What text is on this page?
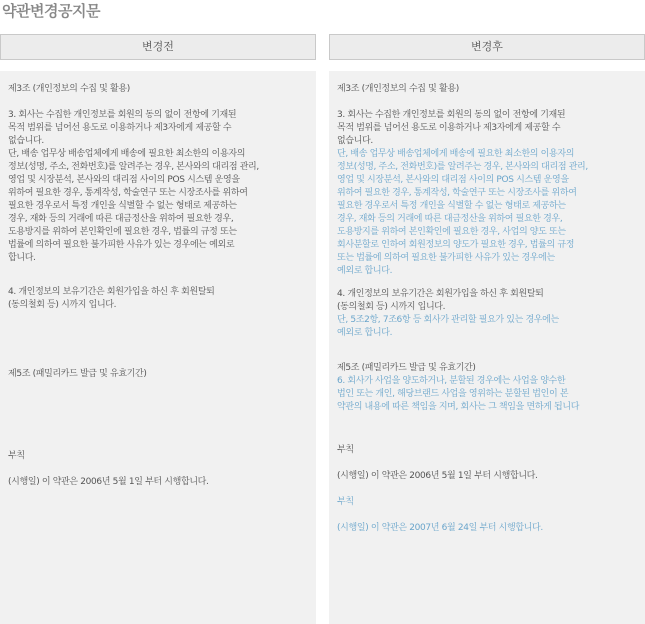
약관변경공지문
변경전
제3조 (개인정보의 수집 및 활용)
3. 회사는 수집한 개인정보를 회원의 동의 없이 전항에 기재된
목적 범위를 넘어선 용도로 이용하거나 제3자에게 제공할 수
없습니다.
단, 배송 업무상 배송업체에게 배송에 필요한 최소한의 이용자의
정보(성명, 주소, 전화번호)를 알려주는 경우, 본사와의 대리점 관리,
영업 및 시장분석, 본사와의 대리점 사이의 POS 시스템 운영을
위하여 필요한 경우, 통계작성, 학술연구 또는 시장조사를 위하여
필요한 경우로서 특정 개인을 식별할 수 없는 형태로 제공하는
경우, 재화 등의 거래에 따른 대금정산을 위하여 필요한 경우,
도용방지를 위하여 본인확인에 필요한 경우, 법률의 규정 또는
법률에 의하여 필요한 불가피한 사유가 있는 경우에는 예외로
합니다.
4. 개인정보의 보유기간은 회원가입을 하신 후 회원탈퇴
(동의철회 등) 시까지 입니다.
제5조 (패밀리카드 발급 및 유효기간)
부칙
(시행일) 이 약관은 2006년 5월 1일 부터 시행합니다.
변경후
제3조 (개인정보의 수집 및 활용)
3. 회사는 수집한 개인정보를 회원의 동의 없이 전항에 기재된
목적 범위를 넘어선 용도로 이용하거나 제3자에게 제공할 수
없습니다.
단, 배송 업무상 배송업체에게 배송에 필요한 최소한의 이용자의
정보(성명, 주소, 전화번호)를 알려주는 경우, 본사와의 대리점 관리,
영업 및 시장분석, 본사와의 대리점 사이의 POS 시스템 운영을
위하여 필요한 경우, 통계작성, 학술연구 또는 시장조사를 위하여
필요한 경우로서 특정 개인을 식별할 수 없는 형태로 제공하는
경우, 재화 등의 거래에 따른 대금정산을 위하여 필요한 경우,
도용방지를 위하여 본인확인에 필요한 경우, 사업의 양도 또는
회사분할로 인하여 회원정보의 양도가 필요한 경우, 법률의 규정
또는 법률에 의하여 필요한 불가피한 사유가 있는 경우에는
예외로 합니다.
4. 개인정보의 보유기간은 회원가입을 하신 후 회원탈퇴
(동의철회 등) 시까지 입니다.
단, 5조2항, 7조6항 등 회사가 관리할 필요가 있는 경우에는
예외로 합니다.
제5조 (패밀리카드 발급 및 유효기간)
6. 회사가 사업을 양도하거나, 분할된 경우에는 사업을 양수한
법인 또는 개인, 해당브랜드 사업을 영위하는 분할된 법인이 본
약관의 내용에 따른 책임을 지며, 회사는 그 책임을 면하게 됩니다
부칙
(시행일) 이 약관은 2006년 5월 1일 부터 시행합니다.
부칙
(시행일) 이 약관은 2007년 6월 24일 부터 시행합니다.
